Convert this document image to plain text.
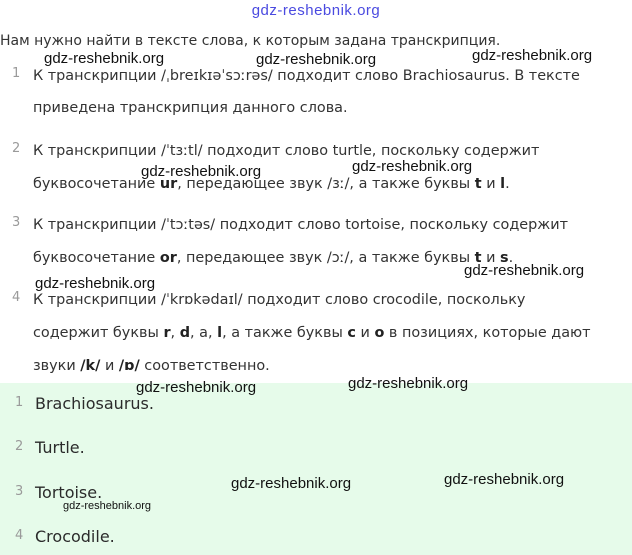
gdz-reshebnik.org
Нам нужно найти в тексте слова, к которым задана транскрипция.
1 К транскрипции /ˌbreɪkɪəˈsɔːrəs/ подходит слово Brachiosaurus. В тексте
приведена транскрипция данного слова.
2 К транскрипции /ˈtɜːtl/ подходит слово turtle, поскольку содержит
буквосочетание ur, передающее звук /ɜː/, а также буквы t и l.
3 К транскрипции /ˈtɔːtəs/ подходит слово tortoise, поскольку содержит
буквосочетание or, передающее звук /ɔː/, а также буквы t и s.
4 К транскрипции /ˈkrɒkədaɪl/ подходит слово crocodile, поскольку
содержит буквы r, d, a, l, а также буквы c и o в позициях, которые дают
звуки /k/ и /ɒ/ соответственно.
1 Brachiosaurus.
2 Turtle.
3 Tortoise.
4 Crocodile.
gdz-reshebnik.org	gdz-reshebnik.org	gdz-reshebnik.org
gdz-reshebnik.org	gdz-reshebnik.org
gdz-reshebnik.org
gdz-reshebnik.org
gdz-reshebnik.org
gdz-reshebnik.org
gdz-reshebnik.org
gdz-reshebnik.org
gdz-reshebnik.org
